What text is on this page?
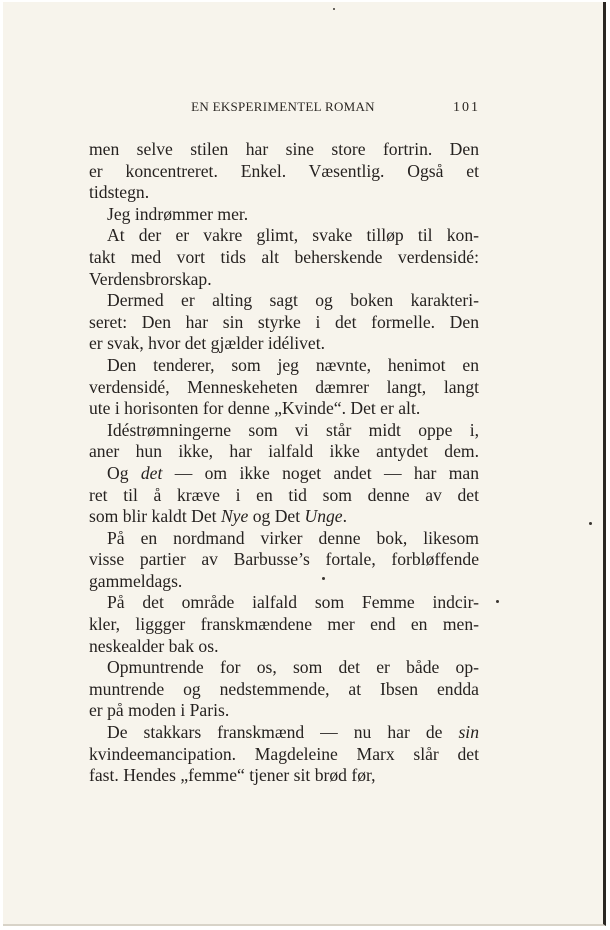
EN EKSPERIMENTEL ROMAN	101
men selve stilen har sine store fortrin. Den
er koncentreret. Enkel. Væsentlig. Også et
tidstegn.
Jeg indrømmer mer.
At der er vakre glimt, svake tilløp til kon-
takt med vort tids alt beherskende verdensidé:
Verdensbrorskap.
Dermed er alting sagt og boken karakteri-
seret: Den har sin styrke i det formelle. Den
er svak, hvor det gjælder idélivet.
Den tenderer, som jeg nævnte, henimot en
verdensidé, Menneskeheten dæmrer langt, langt
ute i horisonten for denne „Kvinde“. Det er alt.
Idéstrømningerne som vi står midt oppe i,
aner hun ikke, har ialfald ikke antydet dem.
Og det — om ikke noget andet — har man
ret til å kræve i en tid som denne av det
som blir kaldt Det Nye og Det Unge.
På en nordmand virker denne bok, likesom
visse partier av Barbusse’s fortale, forbløffende
gammeldags.
På det område ialfald som Femme indcir-
kler, liggger franskmændene mer end en men-
neskealder bak os.
Opmuntrende for os, som det er både op-
muntrende og nedstemmende, at Ibsen endda
er på moden i Paris.
De stakkars franskmænd — nu har de sin
kvindeemancipation. Magdeleine Marx slår det
fast. Hendes „femme“ tjener sit brød før,
